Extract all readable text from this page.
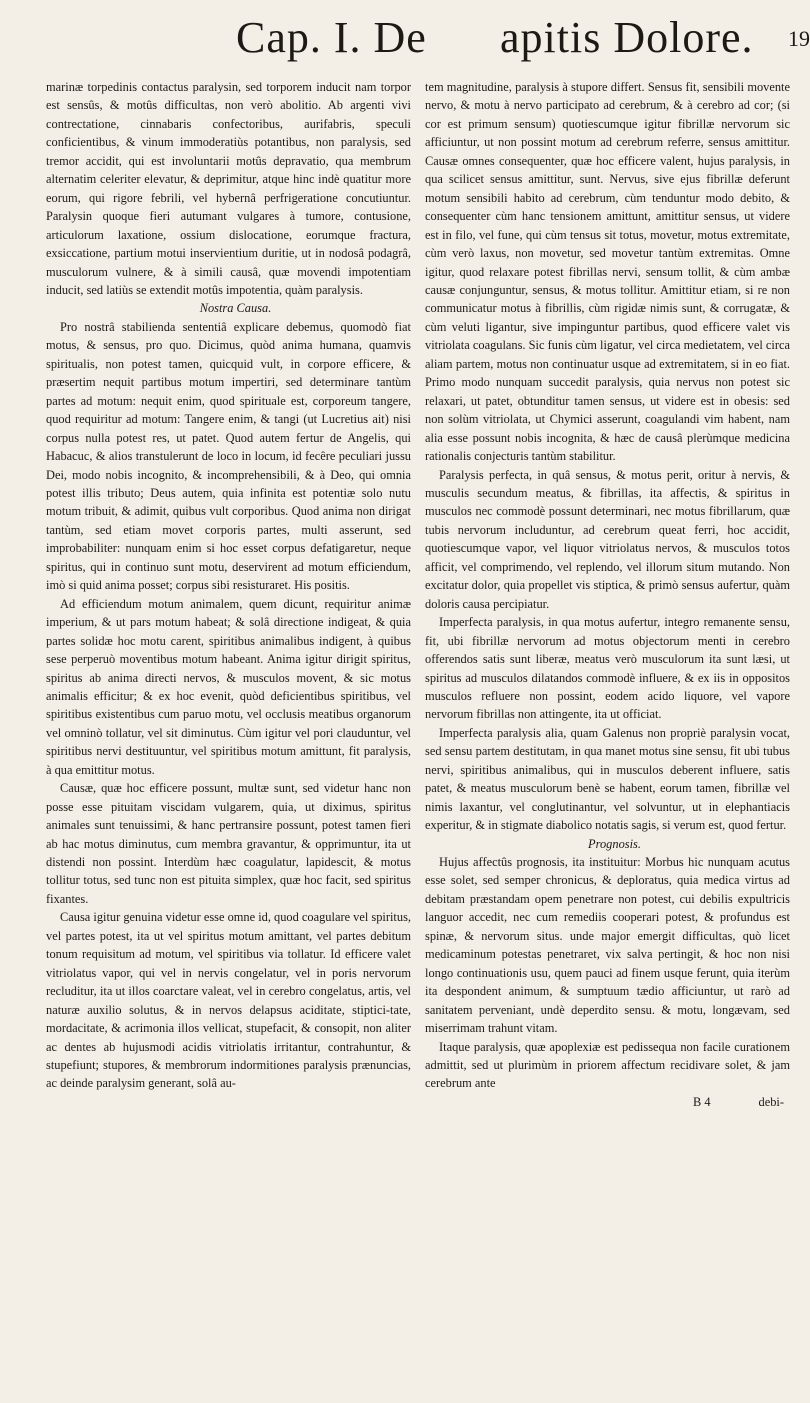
Cap. I. De apitis Dolore. 19

marinæ torpedinis contactus paralysin, sed torporem inducit nam torpor est sensûs, & motûs difficultas, non verò abolitio. Ab argenti vivi contrectatione, cinnabaris confectoribus, aurifabris, speculi conficientibus, & vinum immoderatiùs potantibus, non paralysis, sed tremor accidit, qui est involuntarii motûs depravatio, qua membrum alternatim celeriter elevatur, & deprimitur, atque hinc indè quatitur more eorum, qui rigore febrili, vel hybernâ perfrigeratione concutiuntur. Paralysin quoque fieri autumant vulgares à tumore, contusione, articulorum laxatione, ossium dislocatione, eorumque fractura, exsiccatione, partium motui inservientium duritie, ut in nodosâ podagrâ, musculorum vulnere, & à simili causâ, quæ movendi impotentiam inducit, sed latiùs se extendit motûs impotentia, quàm paralysis.

Nostra Causa.

Pro nostrâ stabilienda sententiâ explicare debemus, quomodò fiat motus, & sensus, pro quo. Dicimus, quòd anima humana, quamvis spiritualis, non potest tamen, quicquid vult, in corpore efficere, & præsertim nequit partibus motum impertiri, sed determinare tantùm partes ad motum: nequit enim, quod spirituale est, corporeum tangere, quod requiritur ad motum: Tangere enim, & tangi (ut Lucretius ait) nisi corpus nulla potest res, ut patet. Quod autem fertur de Angelis, qui Habacuc, & alios transtulerunt de loco in locum, id fecêre peculiari jussu Dei, modo nobis incognito, & incomprehensibili, & à Deo, qui omnia potest illis tributo; Deus autem, quia infinita est potentiæ solo nutu motum tribuit, & adimit, quibus vult corporibus. Quod anima non dirigat tantùm, sed etiam movet corporis partes, multi asserunt, sed improbabiliter: nunquam enim si hoc esset corpus defatigaretur, neque spiritus, qui in continuo sunt motu, deservirent ad motum efficiendum, imò si quid anima posset; corpus sibi resisturaret. His positis.

Ad efficiendum motum animalem, quem dicunt, requiritur animæ imperium, & ut pars motum habeat; & solâ directione indigeat, & quia partes solidæ hoc motu carent, spiritibus animalibus indigent, à quibus sese perperuò moventibus motum habeant. Anima igitur dirigit spiritus, spiritus ab anima directi nervos, & musculos movent, & sic motus animalis efficitur; & ex hoc evenit, quòd deficientibus spiritibus, vel spiritibus existentibus cum paruo motu, vel occlusis meatibus organorum vel omninò tollatur, vel sit diminutus. Cùm igitur vel pori clauduntur, vel spiritibus nervi destituuntur, vel spiritibus motum amittunt, fit paralysis, à qua emittitur motus.

Causæ, quæ hoc efficere possunt, multæ sunt, sed videtur hanc non posse esse pituitam viscidam vulgarem, quia, ut diximus, spiritus animales sunt tenuissimi, & hanc pertransire possunt, potest tamen fieri ab hac motus diminutus, cum membra gravantur, & opprimuntur, ita ut distendi non possint. Interdùm hæc coagulatur, lapidescit, & motus tollitur totus, sed tunc non est pituita simplex, quæ hoc facit, sed spiritus fixantes.

Causa igitur genuina videtur esse omne id, quod coagulare vel spiritus, vel partes potest, ita ut vel spiritus motum amittant, vel partes debitum tonum requisitum ad motum, vel spiritibus via tollatur. Id efficere valet vitriolatus vapor, qui vel in nervis congelatur, vel in poris nervorum recluditur, ita ut illos coarctare valeat, vel in cerebro congelatus, artis, vel naturæ auxilio solutus, & in nervos delapsus aciditate, stiptici-tate, mordacitate, & acrimonia illos vellicat, stupefacit, & consopit, non aliter ac dentes ab hujusmodi acidis vitriolatis irritantur, contrahuntur, & stupefiunt; stupores, & membrorum indormitiones paralysis prænuncias, ac deinde paralysim generant, solâ au-

tem magnitudine, paralysis à stupore differt. Sensus fit, sensibili movente nervo, & motu à nervo participato ad cerebrum, & à cerebro ad cor; (si cor est primum sensum) quotiescumque igitur fibrillæ nervorum sic afficiuntur, ut non possint motum ad cerebrum referre, sensus amittitur. Causæ omnes consequenter, quæ hoc efficere valent, hujus paralysis, in qua scilicet sensus amittitur, sunt. Nervus, sive ejus fibrillæ deferunt motum sensibili habito ad cerebrum, cùm tenduntur modo debito, & consequenter cùm hanc tensionem amittunt, amittitur sensus, ut videre est in filo, vel fune, qui cùm tensus sit totus, movetur, motus extremitate, cùm verò laxus, non movetur, sed movetur tantùm extremitas. Omne igitur, quod relaxare potest fibrillas nervi, sensum tollit, & cùm ambæ causæ conjunguntur, sensus, & motus tollitur. Amittitur etiam, si re non communicatur motus à fibrillis, cùm rigidæ nimis sunt, & corrugatæ, & cùm veluti ligantur, sive impinguntur partibus, quod efficere valet vis vitriolata coagulans. Sic funis cùm ligatur, vel circa medietatem, vel circa aliam partem, motus non continuatur usque ad extremitatem, si in eo fiat. Primo modo nunquam succedit paralysis, quia nervus non potest sic relaxari, ut patet, obtunditur tamen sensus, ut videre est in obesis: sed non solùm vitriolata, ut Chymici asserunt, coagulandi vim habent, nam alia esse possunt nobis incognita, & hæc de causâ plerùmque medicina rationalis conjecturis tantùm stabilitur.

Paralysis perfecta, in quâ sensus, & motus perit, oritur à nervis, & musculis secundum meatus, & fibrillas, ita affectis, & spiritus in musculos nec commodè possunt determinari, nec motus fibrillarum, quæ tubis nervorum includuntur, ad cerebrum queat ferri, hoc accidit, quotiescumque vapor, vel liquor vitriolatus nervos, & musculos totos afficit, vel comprimendo, vel replendo, vel illorum situm mutando. Non excitatur dolor, quia propellet vis stiptica, & primò sensus aufertur, quàm doloris causa percipiatur.

Imperfecta paralysis, in qua motus aufertur, integro remanente sensu, fit, ubi fibrillæ nervorum ad motus objectorum menti in cerebro offerendos satis sunt liberæ, meatus verò musculorum ita sunt læsi, ut spiritus ad musculos dilatandos commodè influere, & ex iis in oppositos musculos refluere non possint, eodem acido liquore, vel vapore nervorum fibrillas non attingente, ita ut officiat.

Imperfecta paralysis alia, quam Galenus non propriè paralysin vocat, sed sensu partem destitutam, in qua manet motus sine sensu, fit ubi tubus nervi, spiritibus animalibus, qui in musculos deberent influere, satis patet, & meatus musculorum benè se habent, eorum tamen, fibrillæ vel nimis laxantur, vel conglutinantur, vel solvuntur, ut in elephantiacis experitur, & in stigmate diabolico notatis sagis, si verum est, quod fertur.

Prognosis.

Hujus affectûs prognosis, ita instituitur: Morbus hic nunquam acutus esse solet, sed semper chronicus, & deploratus, quia medica virtus ad debitam præstandam opem penetrare non potest, cui debilis expultricis languor accedit, nec cum remediis cooperari potest, & profundus est spinæ, & nervorum situs. unde major emergit difficultas, quò licet medicaminum potestas penetraret, vix salva pertingit, & hoc non nisi longo continuationis usu, quem pauci ad finem usque ferunt, quia iterùm ita despondent animum, & sumptuum tædio afficiuntur, ut rarò ad sanitatem perveniant, undè deperdito sensu. & motu, longævam, sed miserrimam trahunt vitam.

Itaque paralysis, quæ apoplexiæ est pedissequa non facile curationem admittit, sed ut plurimùm in priorem affectum recidivare solet, & jam cerebrum ante

B 4	debi-
